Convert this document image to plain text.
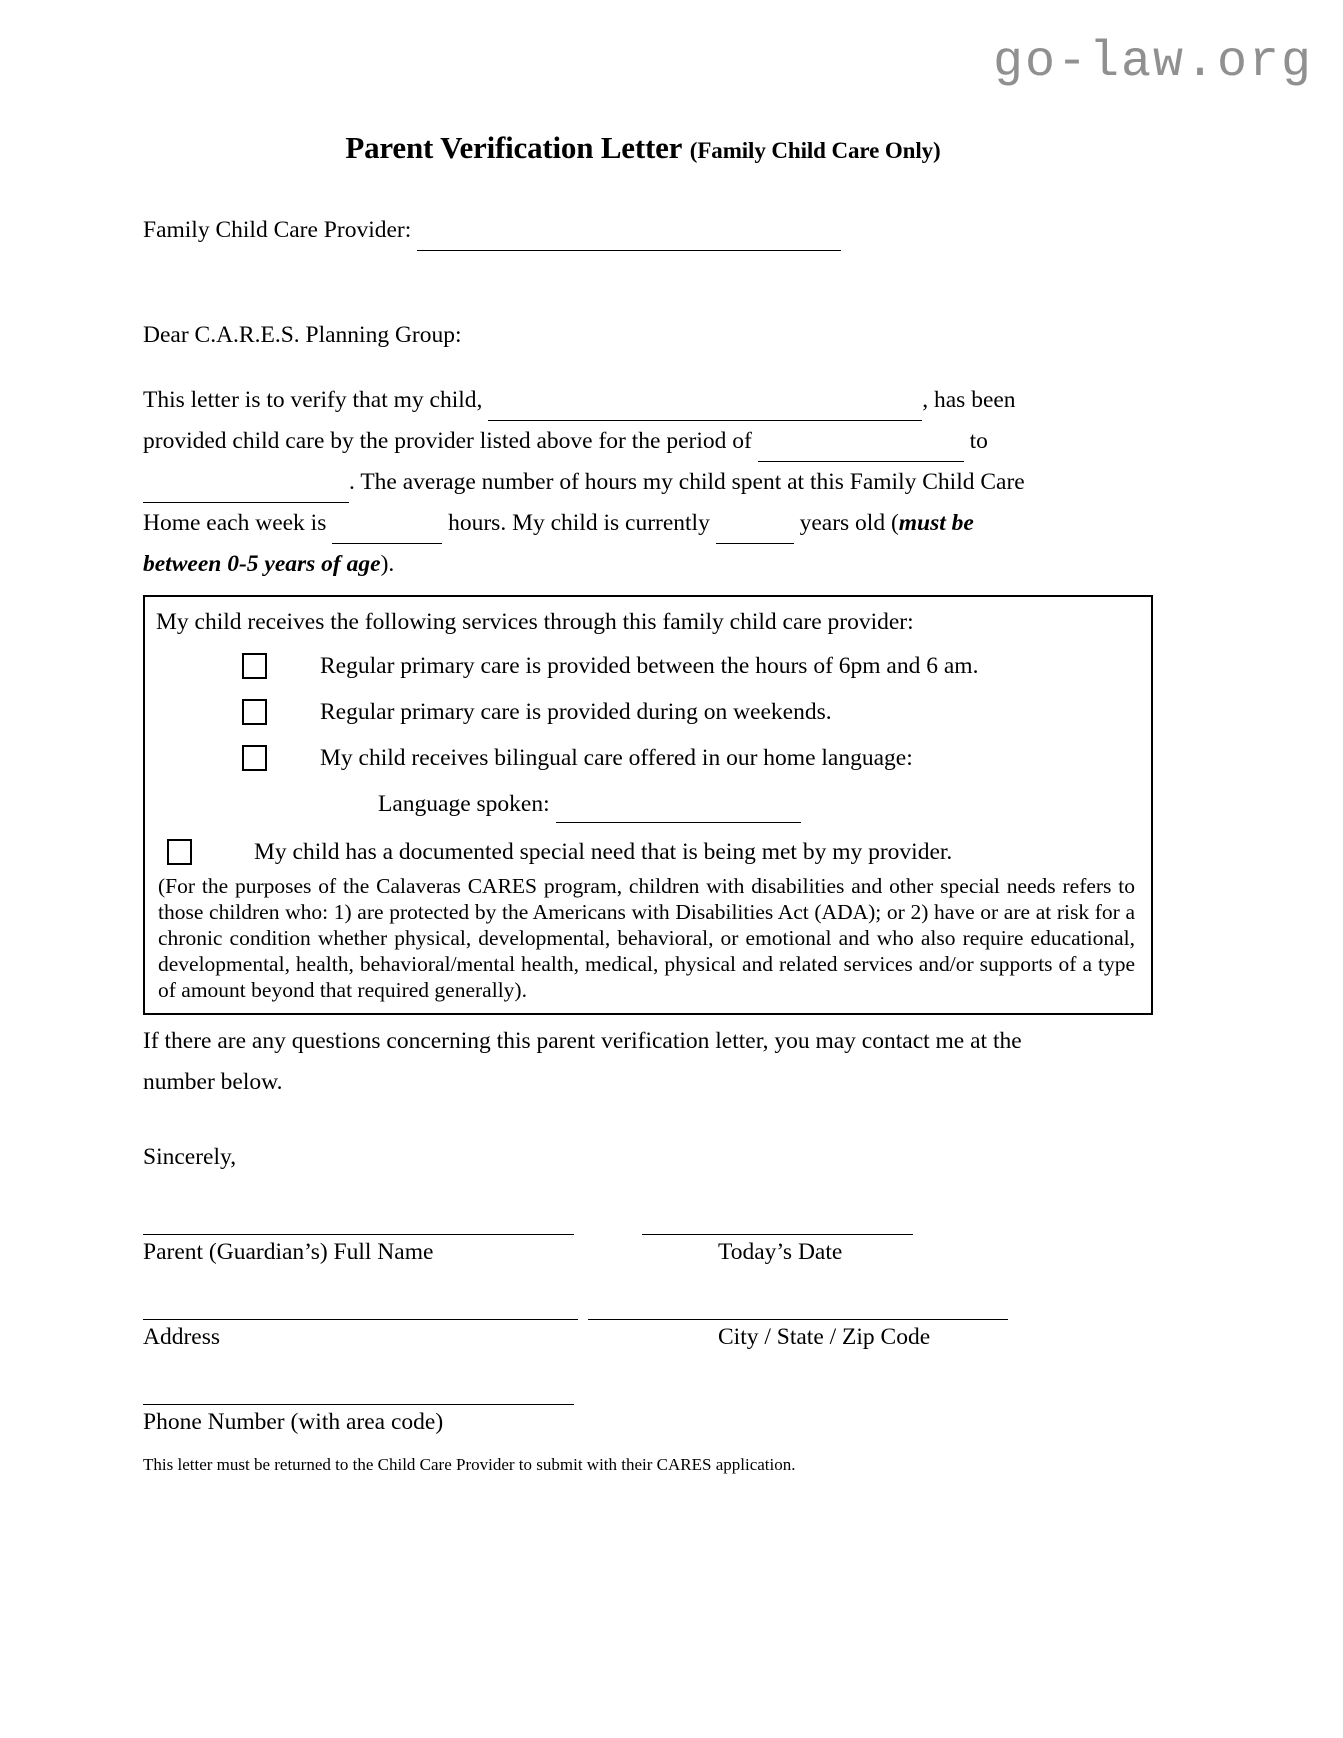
go-law.org
Parent Verification Letter (Family Child Care Only)
Family Child Care Provider:
Dear C.A.R.E.S. Planning Group:
This letter is to verify that my child,	, has been
provided child care by the provider listed above for the period of	to
. The average number of hours my child spent at this Family Child Care
Home each week is	hours. My child is currently	years old (must be
between 0-5 years of age).
My child receives the following services through this family child care provider:
Regular primary care is provided between the hours of 6pm and 6 am.
Regular primary care is provided during on weekends.
My child receives bilingual care offered in our home language:
Language spoken:
My child has a documented special need that is being met by my provider.
(For the purposes of the Calaveras CARES program, children with disabilities and other special needs refers to those children who: 1) are protected by the Americans with Disabilities Act (ADA); or 2) have or are at risk for a chronic condition whether physical, developmental, behavioral, or emotional and who also require educational, developmental, health, behavioral/mental health, medical, physical and related services and/or supports of a type of amount beyond that required generally).
If there are any questions concerning this parent verification letter, you may contact me at the
number below.
Sincerely,
Parent (Guardian’s) Full Name	Today’s Date
Address	City / State / Zip Code
Phone Number (with area code)
This letter must be returned to the Child Care Provider to submit with their CARES application.
